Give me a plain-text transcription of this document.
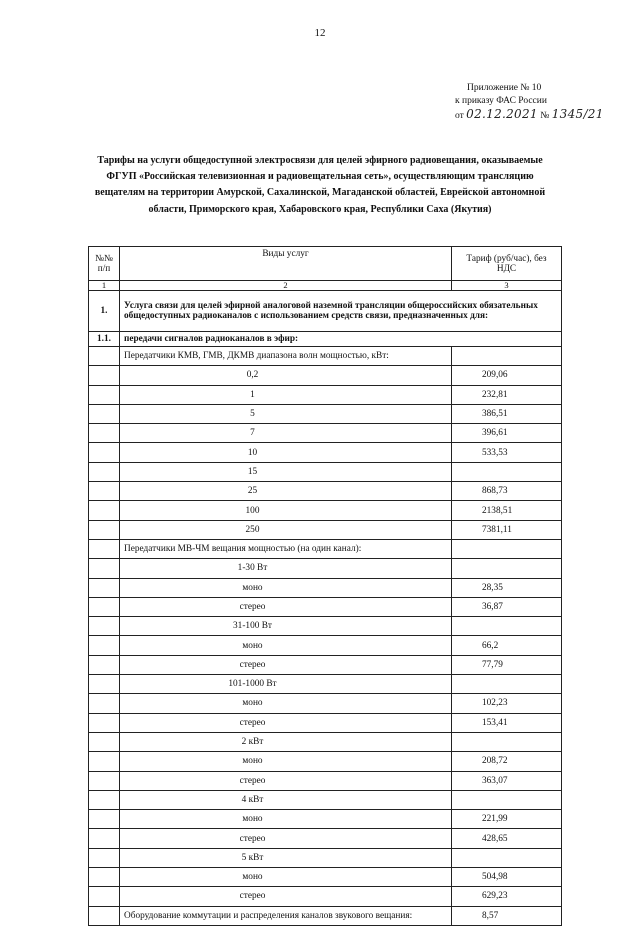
12
Приложение № 10
к приказу ФАС России
от 02.12.2021 № 1345/21
Тарифы на услуги общедоступной электросвязи для целей эфирного радиовещания, оказываемые ФГУП «Российская телевизионная и радиовещательная сеть», осуществляющим трансляцию вещателям на территории Амурской, Сахалинской, Магаданской областей, Еврейской автономной области, Приморского края, Хабаровского края, Республики Саха (Якутия)
№№ п/п	Виды услуг	Тариф (руб/час), без НДС
1	2	3
1.	Услуга связи для целей эфирной аналоговой наземной трансляции общероссийских обязательных общедоступных радиоканалов с использованием средств связи, предназначенных для:	
1.1.	передачи сигналов радиоканалов в эфир:	
	Передатчики КМВ, ГМВ, ДКМВ диапазона волн мощностью, кВт:	
	0,2	209,06
	1	232,81
	5	386,51
	7	396,61
	10	533,53
	15	
	25	868,73
	100	2138,51
	250	7381,11
	Передатчики МВ-ЧМ вещания мощностью (на один канал):	
	1-30 Вт	
	моно	28,35
	стерео	36,87
	31-100 Вт	
	моно	66,2
	стерео	77,79
	101-1000 Вт	
	моно	102,23
	стерео	153,41
	2 кВт	
	моно	208,72
	стерео	363,07
	4 кВт	
	моно	221,99
	стерео	428,65
	5 кВт	
	моно	504,98
	стерео	629,23
	Оборудование коммутации и распределения каналов звукового вещания:	8,57
